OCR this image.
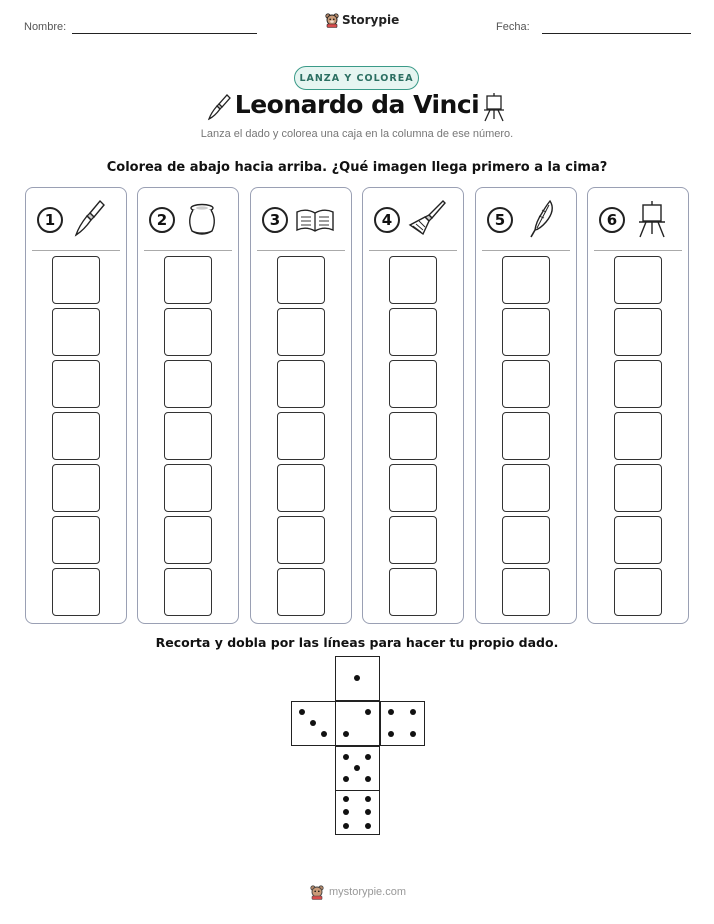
Nombre:	Storypie	Fecha:
LANZA Y COLOREA
Leonardo da Vinci
Lanza el dado y colorea una caja en la columna de ese número.
Colorea de abajo hacia arriba. ¿Qué imagen llega primero a la cima?
1	2	3	4	5	6
Recorta y dobla por las líneas para hacer tu propio dado.
mystorypie.com
